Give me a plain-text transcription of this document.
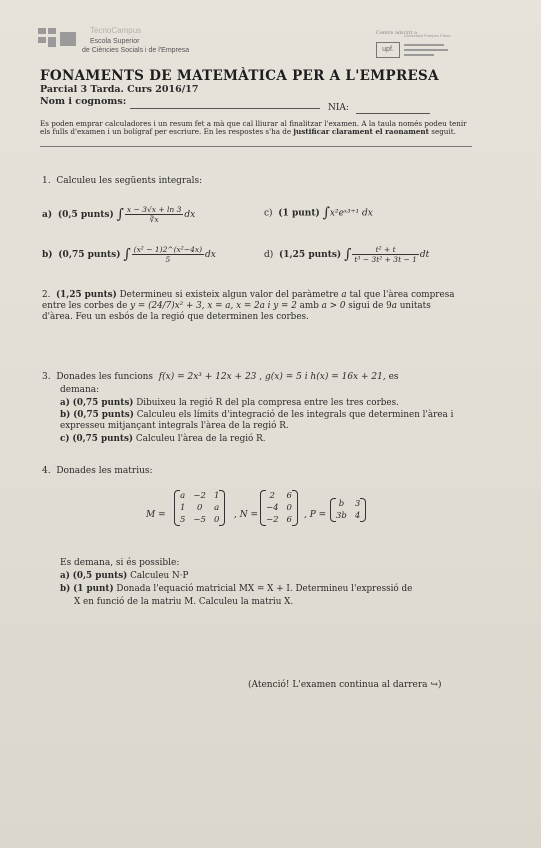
TecnoCampus
Escola Superior
de Ciències Socials i de l'Empresa
Centre adscrit a
upf.
Universitat Pompeu Fabra
FONAMENTS DE MATEMÀTICA PER A L'EMPRESA
Parcial 3 Tarda. Curs 2016/17
Nom i cognoms:
NIA:
Es poden emprar calculadores i un resum fet a mà que cal lliurar al finalitzar l'examen. A la taula només podeu tenir els fulls d'examen i un bolígraf per escriure. En les respostes s'ha de justificar clarament el raonament seguit.
1. Calculeu les següents integrals:
a) (0,5 punts) ∫ $\frac{x - 3√x + \ln 3}{∛x}$ dx	c) (1 punt) ∫x²eˣ³⁺¹ dx
b) (0,75 punts) ∫ $\frac{\text{(x² − 1)2\textasciicircum{}(x²−4x)}}{5}$ dx	d) (1,25 punts) ∫ $\frac{\text{t² + t}}{\text{t³ − 3t² + 3t − 1}}$ dt
2. (1,25 punts) Determineu si existeix algun valor del paràmetre a tal que l'àrea compresa entre les corbes de y = (24/7)x² + 3, x = a, x = 2a i y = 2 amb a > 0 sigui de 9a unitats d'àrea. Feu un esbós de la regió que determinen les corbes.
3. Donades les funcions f(x) = 2x³ + 12x + 23 , g(x) = 5 i h(x) = 16x + 21, es
demana:
a) (0,75 punts) Dibuixeu la regió R del pla compresa entre les tres corbes.
b) (0,75 punts) Calculeu els límits d'integració de les integrals que determinen l'àrea i expresseu mitjançant integrals l'àrea de la regió R.
c) (0,75 punts) Calculeu l'àrea de la regió R.
4. Donades les matrius:
M =
a	−2	1
1	0	a
5	−5	0 , N =
2	6
−4	0
−2	6 , P =
b	3
3b	4
Es demana, si és possible:
a) (0,5 punts) Calculeu N·P
b) (1 punt) Donada l'equació matricial MX = X + I. Determineu l'expressió de
X en funció de la matriu M. Calculeu la matriu X.
(Atenció! L'examen continua al darrera ↪)
